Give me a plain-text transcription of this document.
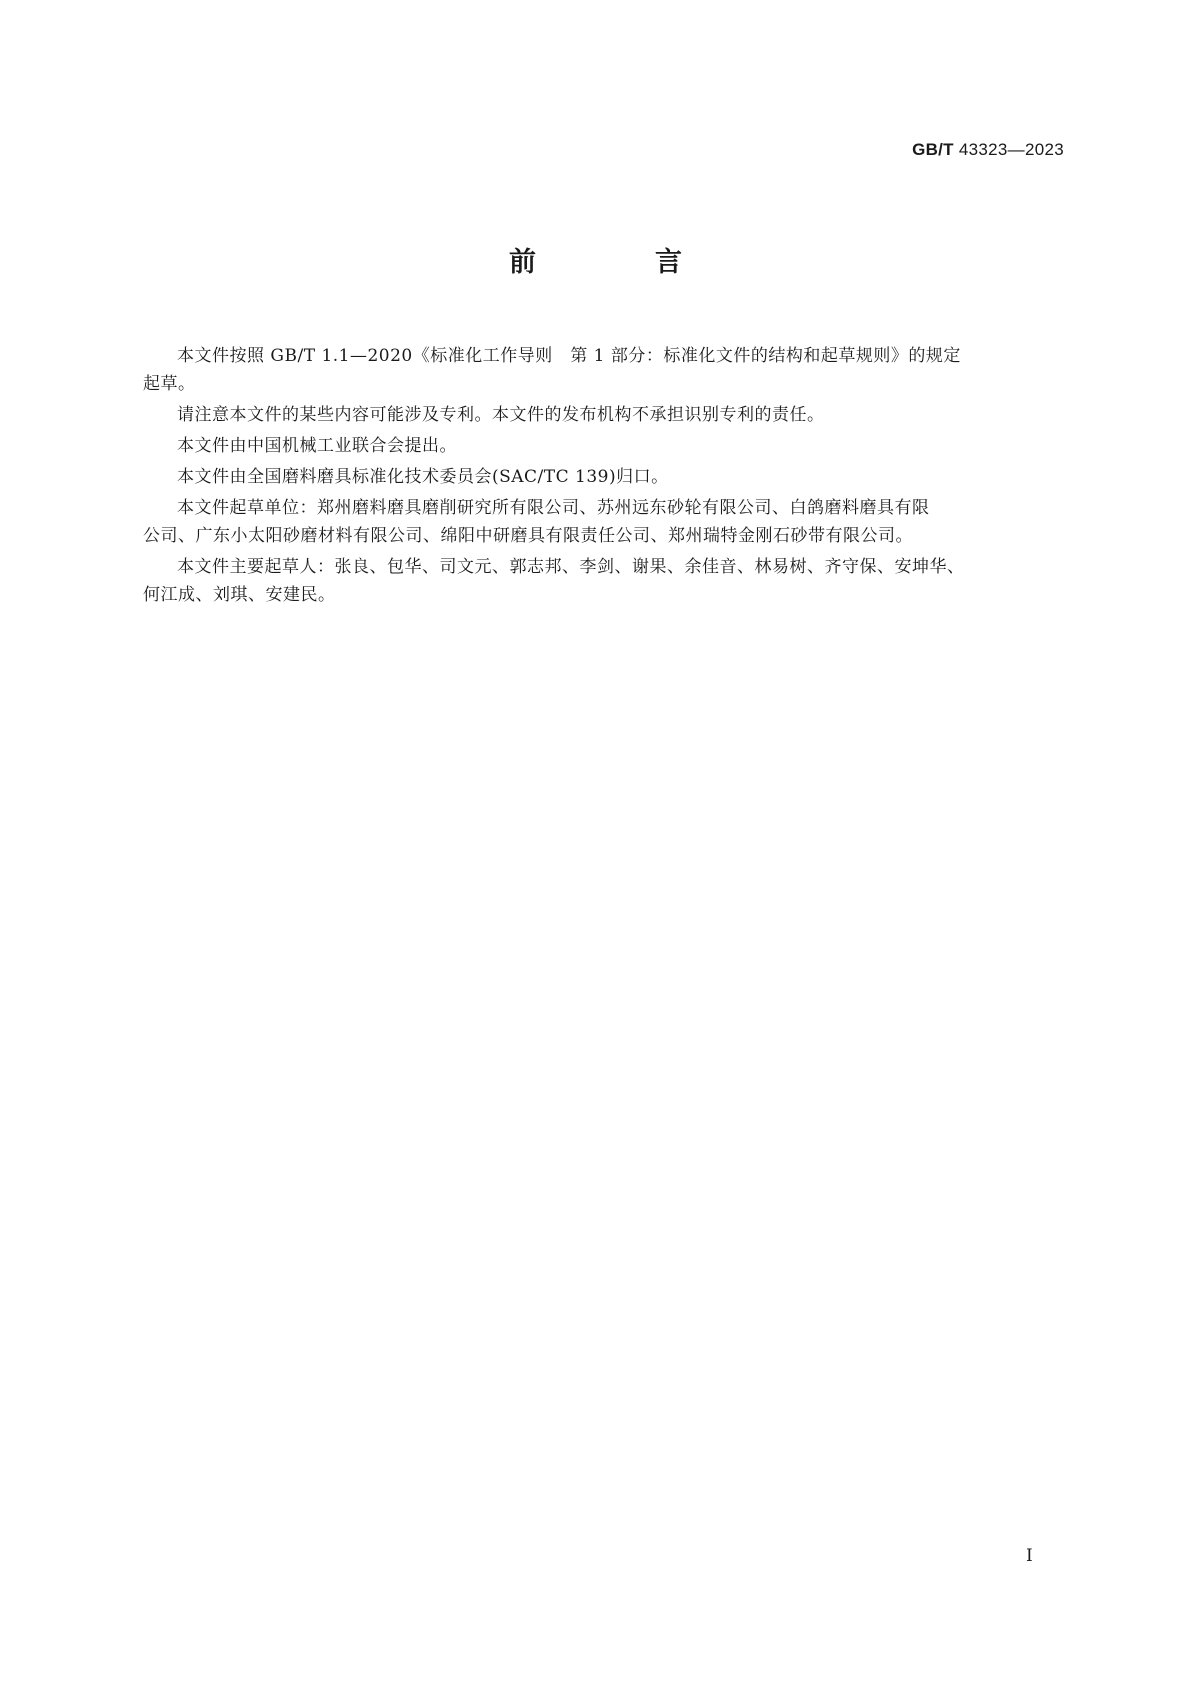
GB/T 43323—2023
前　言

本文件按照 GB/T 1.1—2020《标准化工作导则　第 1 部分：标准化文件的结构和起草规则》的规定
起草。

请注意本文件的某些内容可能涉及专利。本文件的发布机构不承担识别专利的责任。

本文件由中国机械工业联合会提出。

本文件由全国磨料磨具标准化技术委员会(SAC/TC 139)归口。

本文件起草单位：郑州磨料磨具磨削研究所有限公司、苏州远东砂轮有限公司、白鸽磨料磨具有限
公司、广东小太阳砂磨材料有限公司、绵阳中研磨具有限责任公司、郑州瑞特金刚石砂带有限公司。

本文件主要起草人：张良、包华、司文元、郭志邦、李剑、谢果、余佳音、林易树、齐守保、安坤华、
何江成、刘琪、安建民。

Ⅰ
